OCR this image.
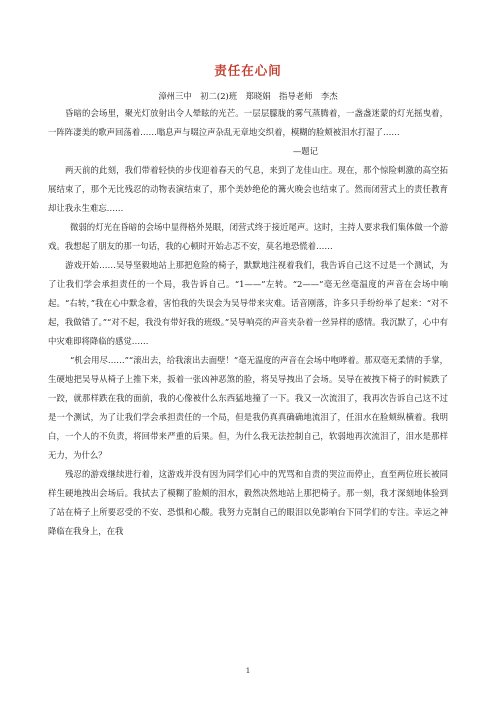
责任在心间
漳州三中　初二(2)班　郑晓娟　指导老师　李杰

昏暗的会场里，聚光灯放射出令人晕眩的光芒。一层层朦胧的雾气蒸腾着，一盏盏迷蒙的灯光摇曳着，一阵阵凄美的歌声回荡着……嗡息声与啜泣声杂乱无章地交织着，模糊的脸颊被泪水打湿了……

—题记

两天前的此刻，我们带着轻快的步伐迎着春天的气息，来到了龙佳山庄。现在，那个惊险刺激的高空拓展结束了，那个无比残忍的动物表演结束了，那个美妙绝伦的篝火晚会也结束了。然而闭营式上的责任教育却让我永生难忘……

微弱的灯光在昏暗的会场中显得格外晃眼，闭营式终于接近尾声。这时，主持人要求我们集体做一个游戏。我想起了朋友的那一句话，我的心顿时开始忐忑不安，莫名地恐慌着……

游戏开始……吴导坚毅地站上那把危险的椅子，默默地注视着我们，我告诉自己这不过是一个测试，为了让我们学会承担责任的一个局，我告诉自己。“1——”左转。“2——”毫无丝毫温度的声音在会场中响起。“右转，”我在心中默念着，害怕我的失误会为吴导带来灾难。话音刚落，许多只手纷纷举了起来：“对不起，我做错了。”“对不起，我没有带好我的班级。”吴导响亮的声音夹杂着一丝异样的感情。我沉默了，心中有中灾难即将降临的感觉……

“机会用尽……”“滚出去，给我滚出去面壁！”毫无温度的声音在会场中咆哮着。那双毫无柔情的手掌，生硬地把吴导从椅子上推下来，扳着一张凶神恶煞的脸，将吴导拽出了会场。吴导在被拽下椅子的时候跌了一跤，就那样跌在我的面前，我的心像被什么东西猛地撞了一下。我又一次流泪了，我再次告诉自己这不过是一个测试，为了让我们学会承担责任的一个局，但是我仍真真确确地流泪了，任泪水在脸颊纵横着。我明白，一个人的不负责，将回带来严重的后果。但，为什么我无法控制自己，软弱地再次流泪了，泪水是那样无力，为什么？

残忍的游戏继续进行着，这游戏并没有因为同学们心中的咒骂和自责的哭泣而停止，直至两位班长被同样生硬地拽出会场后。我拭去了模糊了脸颊的泪水，毅然决然地站上那把椅子。那一刻，我才深刻地体验到了站在椅子上所要忍受的不安、恐惧和心酸。我努力克制自己的眼泪以免影响台下同学们的专注。幸运之神降临在我身上，在我

1
